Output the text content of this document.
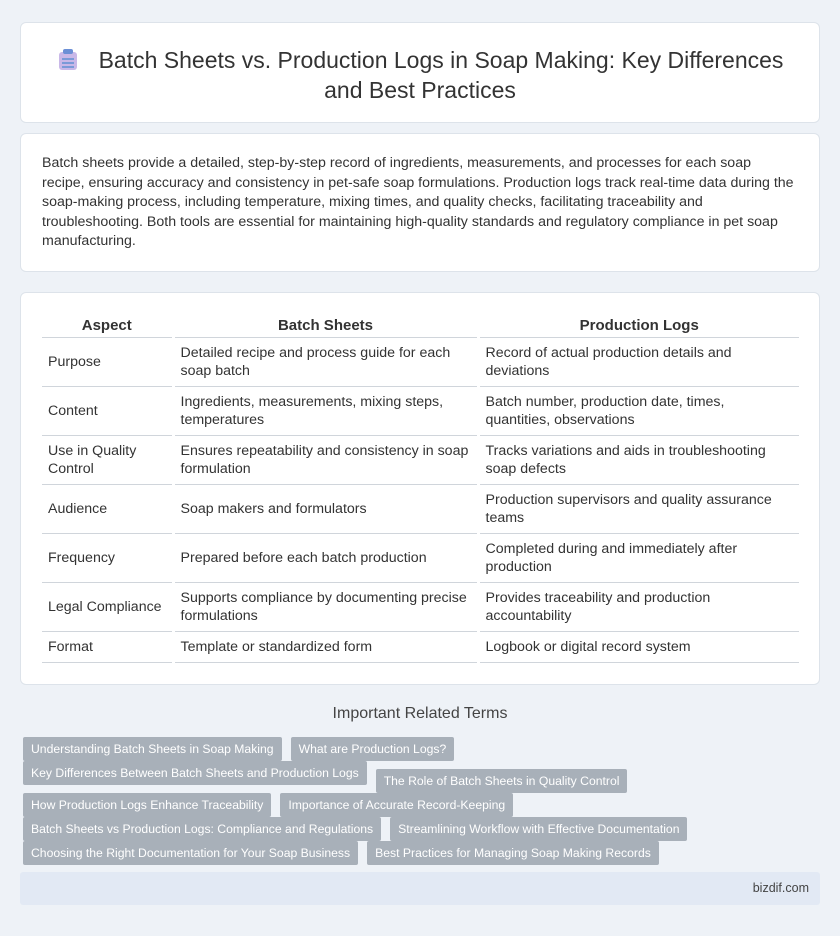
Batch Sheets vs. Production Logs in Soap Making: Key Differences and Best Practices

Batch sheets provide a detailed, step-by-step record of ingredients, measurements, and processes for each soap recipe, ensuring accuracy and consistency in pet-safe soap formulations. Production logs track real-time data during the soap-making process, including temperature, mixing times, and quality checks, facilitating traceability and troubleshooting. Both tools are essential for maintaining high-quality standards and regulatory compliance in pet soap manufacturing.

Aspect	Batch Sheets	Production Logs
Purpose	Detailed recipe and process guide for each soap batch	Record of actual production details and deviations
Content	Ingredients, measurements, mixing steps, temperatures	Batch number, production date, times, quantities, observations
Use in Quality Control	Ensures repeatability and consistency in soap formulation	Tracks variations and aids in troubleshooting soap defects
Audience	Soap makers and formulators	Production supervisors and quality assurance teams
Frequency	Prepared before each batch production	Completed during and immediately after production
Legal Compliance	Supports compliance by documenting precise formulations	Provides traceability and production accountability
Format	Template or standardized form	Logbook or digital record system
Important Related Terms
Understanding Batch Sheets in Soap Making	What are Production Logs?
Key Differences Between Batch Sheets and Production Logs
The Role of Batch Sheets in Quality Control
How Production Logs Enhance Traceability	Importance of Accurate Record-Keeping
Batch Sheets vs Production Logs: Compliance and Regulations	Streamlining Workflow with Effective Documentation
Choosing the Right Documentation for Your Soap Business	Best Practices for Managing Soap Making Records
bizdif.com
